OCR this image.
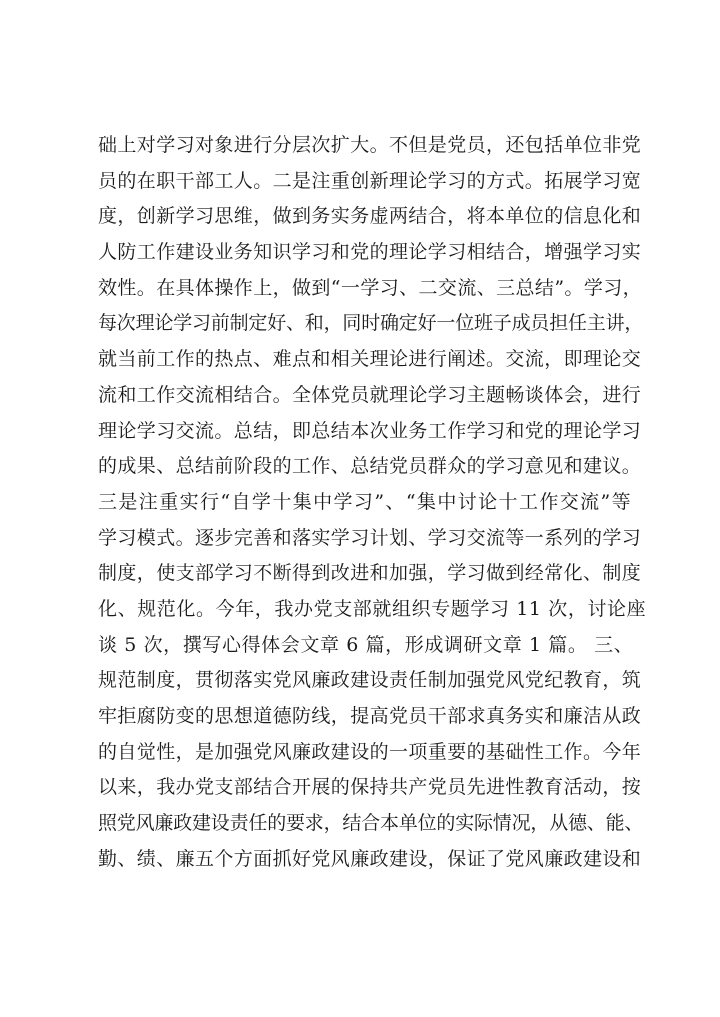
础上对学习对象进行分层次扩大。不但是党员，还包括单位非党
员的在职干部工人。二是注重创新理论学习的方式。拓展学习宽
度，创新学习思维，做到务实务虚两结合，将本单位的信息化和
人防工作建设业务知识学习和党的理论学习相结合，增强学习实
效性。在具体操作上，做到“一学习、二交流、三总结”。学习，
每次理论学习前制定好、和，同时确定好一位班子成员担任主讲，
就当前工作的热点、难点和相关理论进行阐述。交流，即理论交
流和工作交流相结合。全体党员就理论学习主题畅谈体会，进行
理论学习交流。总结，即总结本次业务工作学习和党的理论学习
的成果、总结前阶段的工作、总结党员群众的学习意见和建议。
三是注重实行“自学十集中学习”、“集中讨论十工作交流”等
学习模式。逐步完善和落实学习计划、学习交流等一系列的学习
制度，使支部学习不断得到改进和加强，学习做到经常化、制度
化、规范化。今年，我办党支部就组织专题学习 11 次，讨论座
谈 5 次，撰写心得体会文章 6 篇，形成调研文章 1 篇。 三、
规范制度，贯彻落实党风廉政建设责任制加强党风党纪教育，筑
牢拒腐防变的思想道德防线，提高党员干部求真务实和廉洁从政
的自觉性，是加强党风廉政建设的一项重要的基础性工作。今年
以来，我办党支部结合开展的保持共产党员先进性教育活动，按
照党风廉政建设责任的要求，结合本单位的实际情况，从德、能、
勤、绩、廉五个方面抓好党风廉政建设，保证了党风廉政建设和
